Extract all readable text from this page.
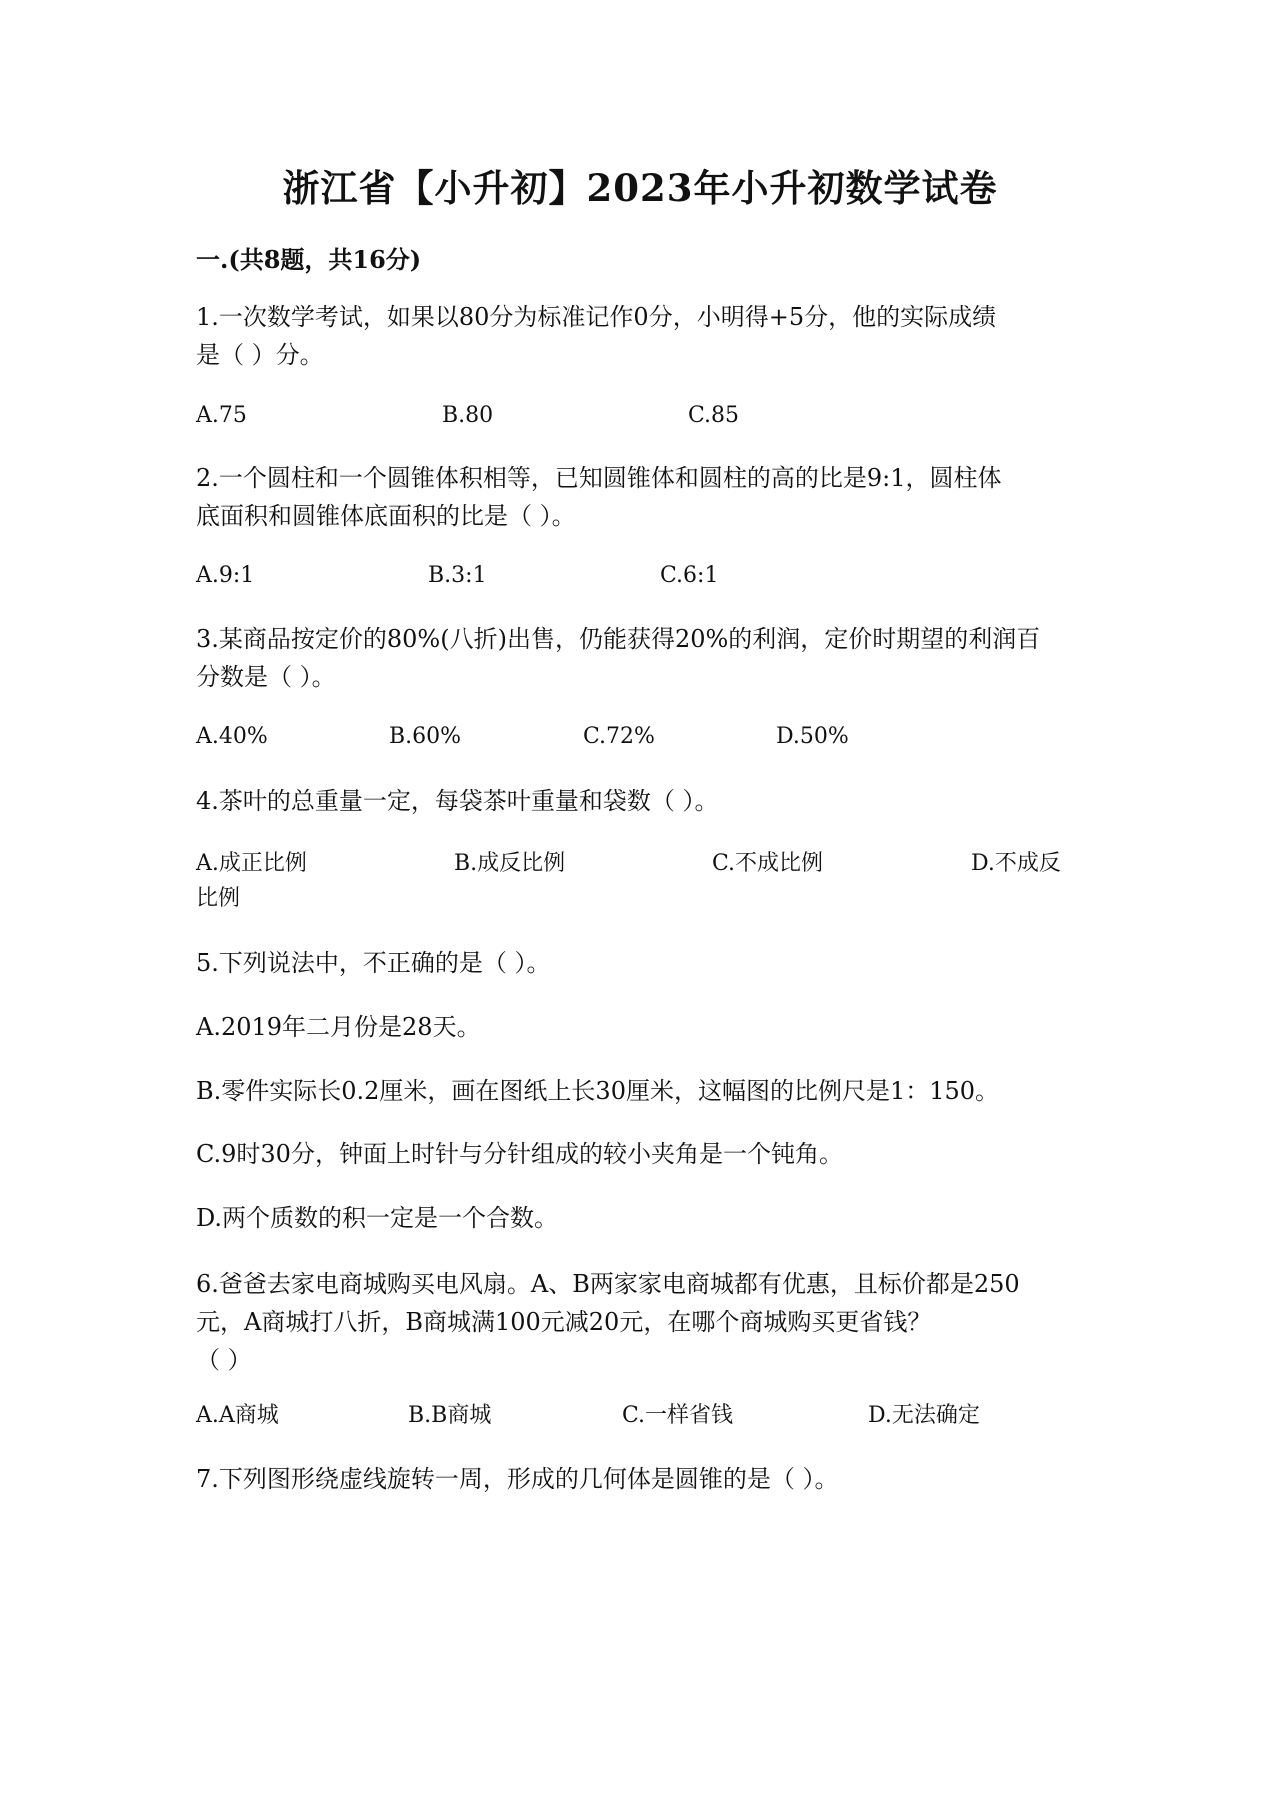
浙江省【小升初】2023年小升初数学试卷
一.(共8题，共16分)
1.一次数学考试，如果以80分为标准记作0分，小明得+5分，他的实际成绩
是（ ）分。
A.75	B.80	C.85
2.一个圆柱和一个圆锥体积相等，已知圆锥体和圆柱的高的比是9:1，圆柱体
底面积和圆锥体底面积的比是（ ）。
A.9:1	B.3:1	C.6:1
3.某商品按定价的80%(八折)出售，仍能获得20%的利润，定价时期望的利润百
分数是（ ）。
A.40%	B.60%	C.72%	D.50%
4.茶叶的总重量一定，每袋茶叶重量和袋数（ ）。
A.成正比例	B.成反比例	C.不成比例	D.不成反
比例
5.下列说法中，不正确的是（ ）。
A.2019年二月份是28天。
B.零件实际长0.2厘米，画在图纸上长30厘米，这幅图的比例尺是1：150。
C.9时30分，钟面上时针与分针组成的较小夹角是一个钝角。
D.两个质数的积一定是一个合数。
6.爸爸去家电商城购买电风扇。A、B两家家电商城都有优惠，且标价都是250
元，A商城打八折，B商城满100元减20元，在哪个商城购买更省钱？
（ ）
A.A商城	B.B商城	C.一样省钱	D.无法确定
7.下列图形绕虚线旋转一周，形成的几何体是圆锥的是（ ）。
